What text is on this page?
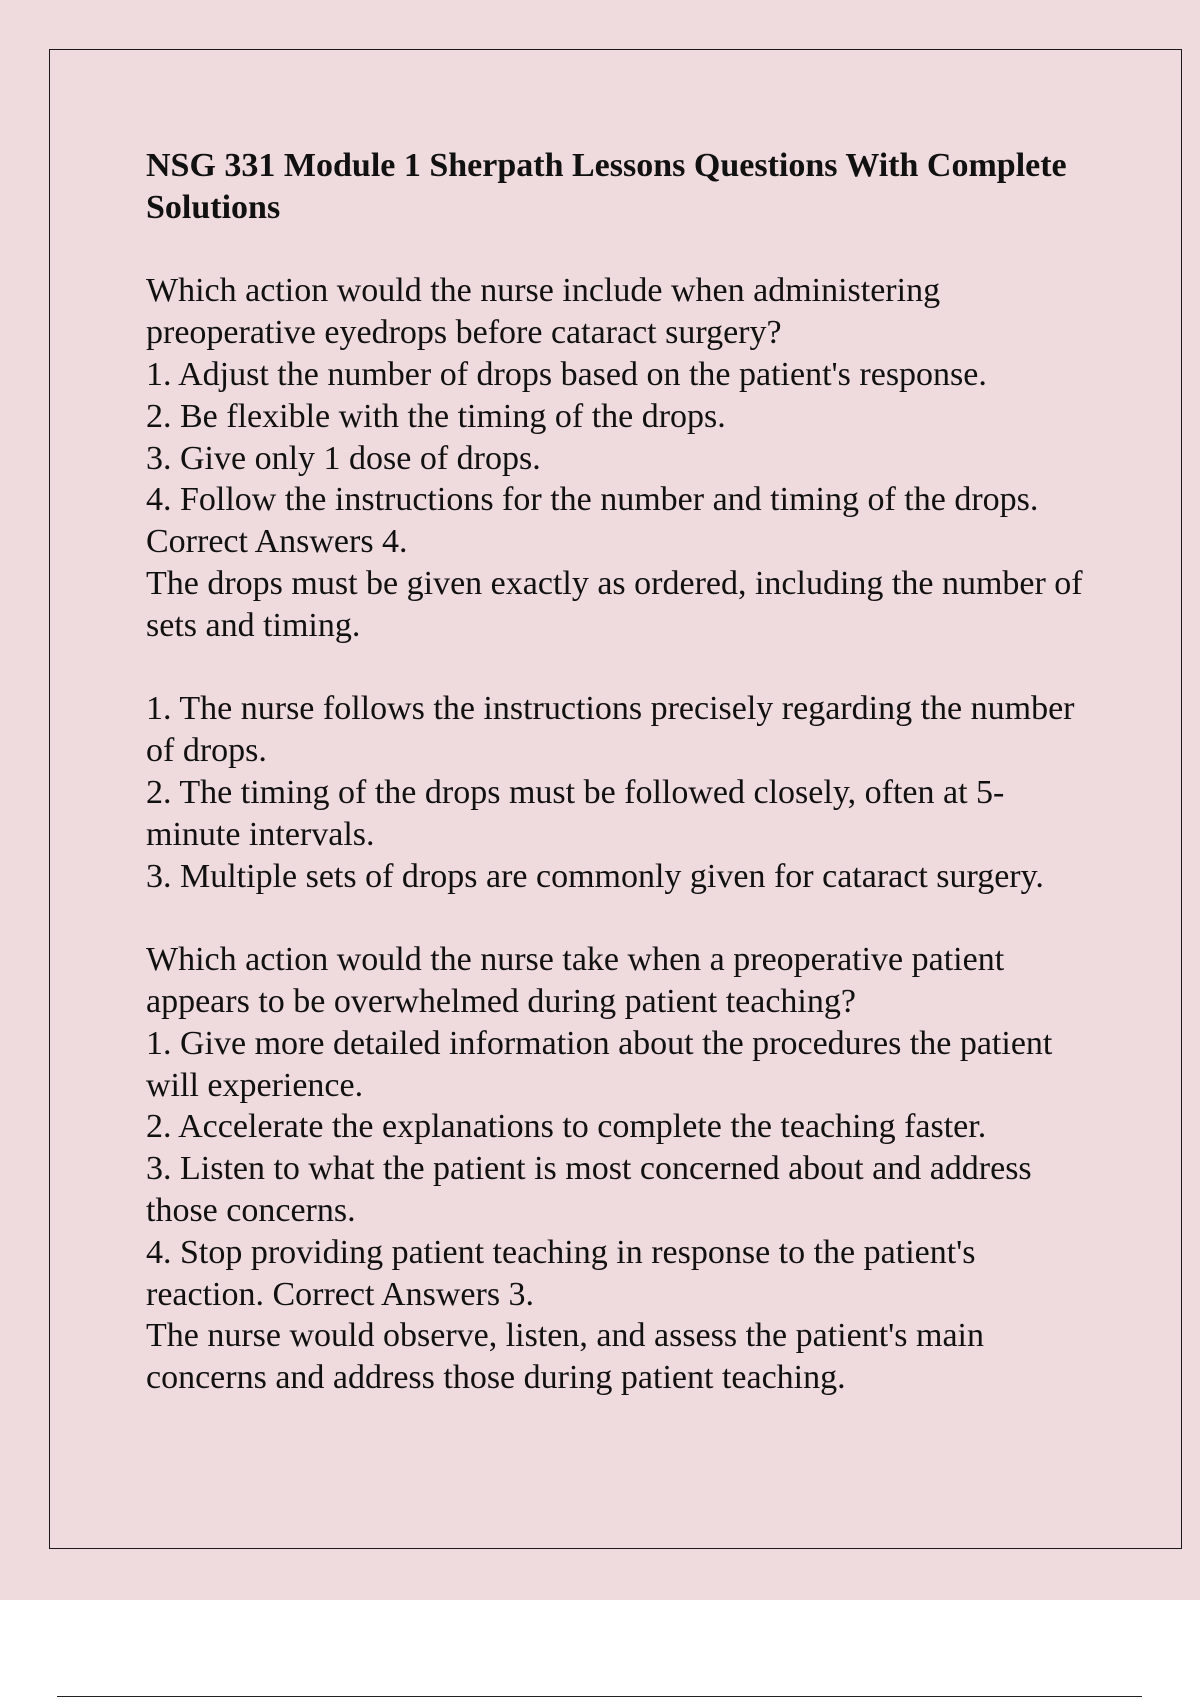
NSG 331 Module 1 Sherpath Lessons Questions With Complete Solutions

Which action would the nurse include when administering preoperative eyedrops before cataract surgery?

1. Adjust the number of drops based on the patient's response.

2. Be flexible with the timing of the drops.

3. Give only 1 dose of drops.

4. Follow the instructions for the number and timing of the drops. Correct Answers 4.

The drops must be given exactly as ordered, including the number of sets and timing.

1. The nurse follows the instructions precisely regarding the number of drops.

2. The timing of the drops must be followed closely, often at 5-minute intervals.

3. Multiple sets of drops are commonly given for cataract surgery.

Which action would the nurse take when a preoperative patient appears to be overwhelmed during patient teaching?

1. Give more detailed information about the procedures the patient will experience.

2. Accelerate the explanations to complete the teaching faster.

3. Listen to what the patient is most concerned about and address those concerns.

4. Stop providing patient teaching in response to the patient's reaction. Correct Answers 3.

The nurse would observe, listen, and assess the patient's main concerns and address those during patient teaching.
